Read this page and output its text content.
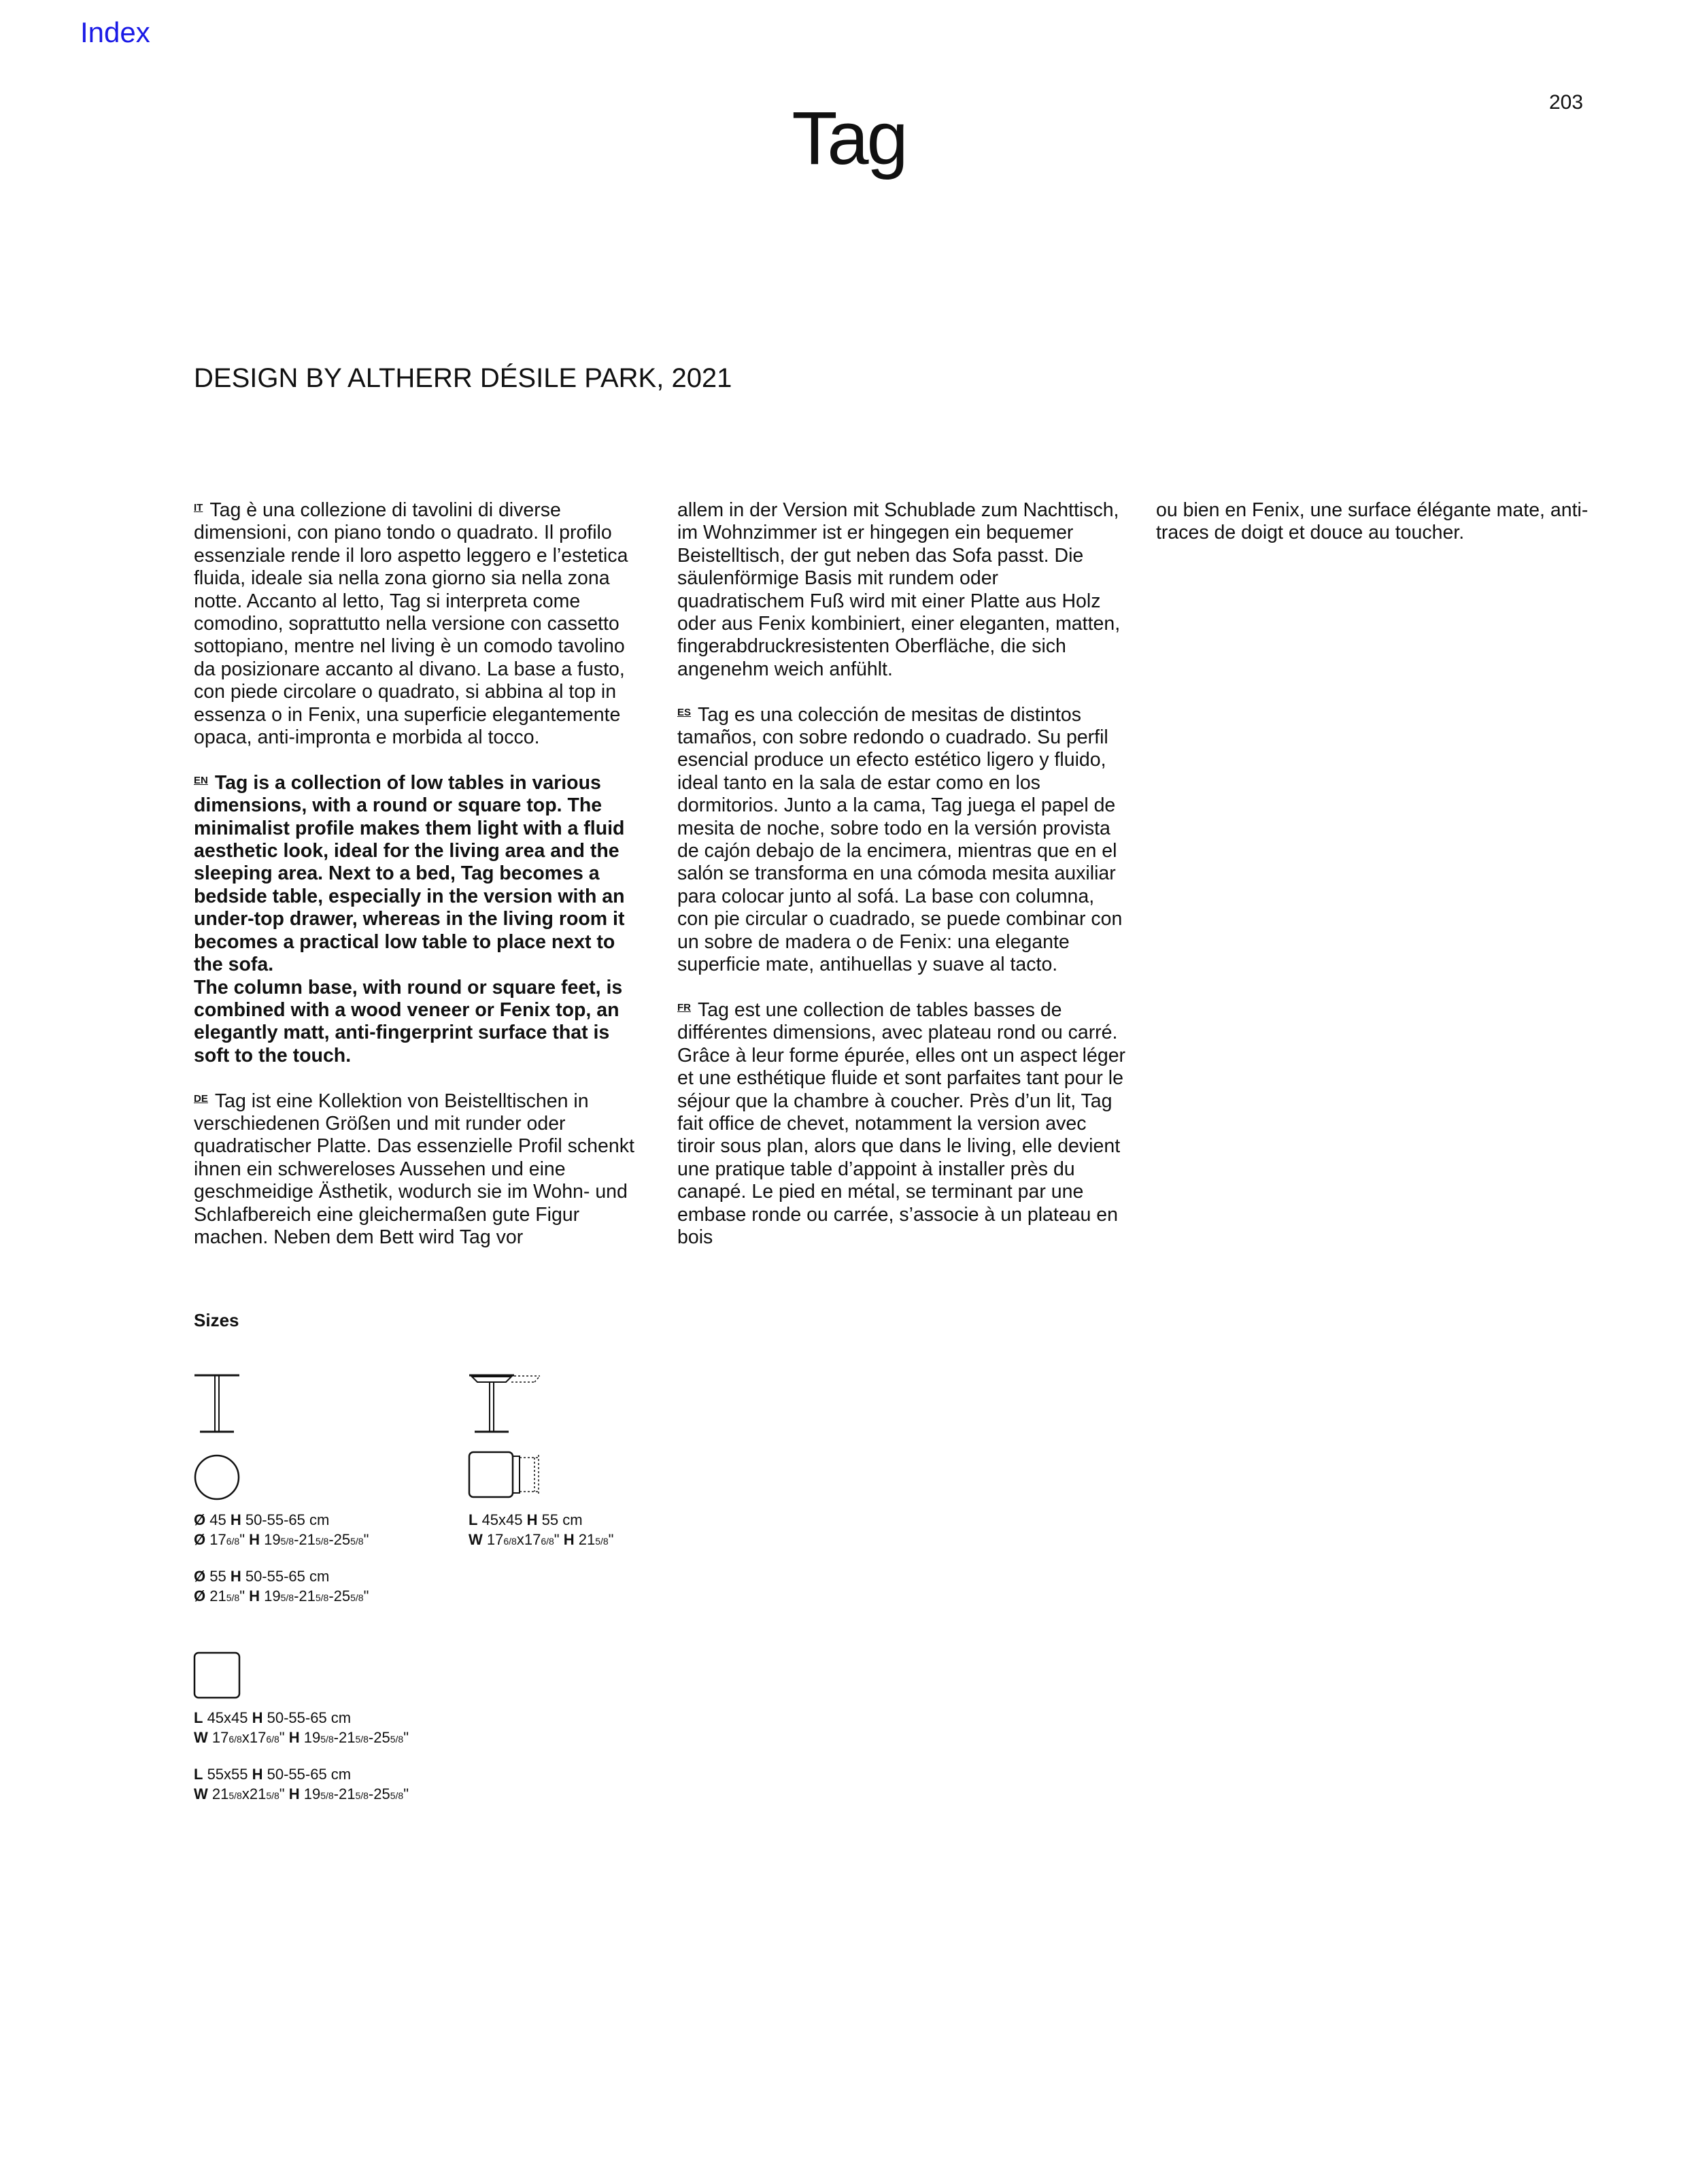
Index
203
Tag
DESIGN BY ALTHERR DÉSILE PARK, 2021

IT Tag è una collezione di tavolini di diverse dimensioni, con piano tondo o quadrato. Il profilo essenziale rende il loro aspetto leggero e l’estetica fluida, ideale sia nella zona giorno sia nella zona notte. Accanto al letto, Tag si interpreta come comodino, soprattutto nella versione con cassetto sottopiano, mentre nel living è un comodo tavolino da posizionare accanto al divano. La base a fusto, con piede circolare o quadrato, si abbina al top in essenza o in Fenix, una superficie elegantemente opaca, anti-impronta e morbida al tocco.

EN Tag is a collection of low tables in various dimensions, with a round or square top. The minimalist profile makes them light with a fluid aesthetic look, ideal for the living area and the sleeping area. Next to a bed, Tag becomes a bedside table, especially in the version with an under-top drawer, whereas in the living room it becomes a practical low table to place next to the sofa.

The column base, with round or square feet, is combined with a wood veneer or Fenix top, an elegantly matt, anti-fingerprint surface that is soft to the touch.

DE Tag ist eine Kollektion von Beistelltischen in verschiedenen Größen und mit runder oder quadratischer Platte. Das essenzielle Profil schenkt ihnen ein schwereloses Aussehen und eine geschmeidige Ästhetik, wodurch sie im Wohn- und Schlafbereich eine gleichermaßen gute Figur machen. Neben dem Bett wird Tag vor

allem in der Version mit Schublade zum Nachttisch, im Wohnzimmer ist er hingegen ein bequemer Beistelltisch, der gut neben das Sofa passt. Die säulenförmige Basis mit rundem oder quadratischem Fuß wird mit einer Platte aus Holz oder aus Fenix kombiniert, einer eleganten, matten, fingerabdruckresistenten Oberfläche, die sich angenehm weich anfühlt.

ES Tag es una colección de mesitas de distintos tamaños, con sobre redondo o cuadrado. Su perfil esencial produce un efecto estético ligero y fluido, ideal tanto en la sala de estar como en los dormitorios. Junto a la cama, Tag juega el papel de mesita de noche, sobre todo en la versión provista de cajón debajo de la encimera, mientras que en el salón se transforma en una cómoda mesita auxiliar para colocar junto al sofá. La base con columna, con pie circular o cuadrado, se puede combinar con un sobre de madera o de Fenix: una elegante superficie mate, antihuellas y suave al tacto.

FR Tag est une collection de tables basses de différentes dimensions, avec plateau rond ou carré. Grâce à leur forme épurée, elles ont un aspect léger et une esthétique fluide et sont parfaites tant pour le séjour que la chambre à coucher. Près d’un lit, Tag fait office de chevet, notamment la version avec tiroir sous plan, alors que dans le living, elle devient une pratique table d’appoint à installer près du canapé. Le pied en métal, se terminant par une embase ronde ou carrée, s’associe à un plateau en bois

ou bien en Fenix, une surface élégante mate, anti-traces de doigt et douce au toucher.

Sizes
Ø 45 H 50-55-65 cm
Ø 176/8" H 195/8-215/8-255/8"
Ø 55 H 50-55-65 cm
Ø 215/8" H 195/8-215/8-255/8"
L 45x45 H 55 cm
W 176/8x176/8" H 215/8"
L 45x45 H 50-55-65 cm
W 176/8x176/8" H 195/8-215/8-255/8"
L 55x55 H 50-55-65 cm
W 215/8x215/8" H 195/8-215/8-255/8"
